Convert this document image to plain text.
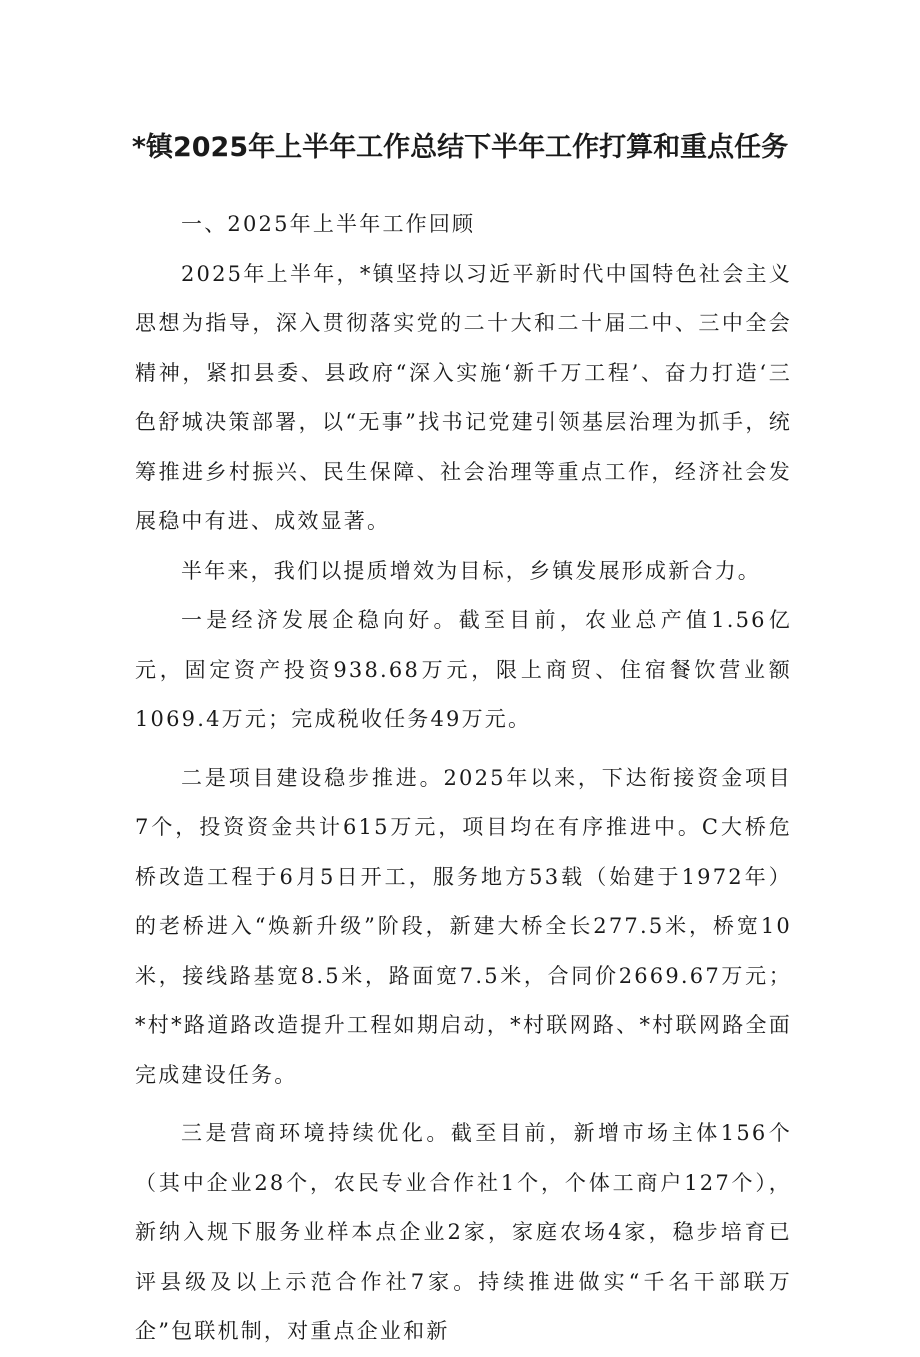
*镇2025年上半年工作总结下半年工作打算和重点任务

一、2025年上半年工作回顾

2025年上半年，*镇坚持以习近平新时代中国特色社会主义思想为指导，深入贯彻落实党的二十大和二十届二中、三中全会精神，紧扣县委、县政府“深入实施‘新千万工程’、奋力打造‘三色舒城决策部署，以“无事”找书记党建引领基层治理为抓手，统筹推进乡村振兴、民生保障、社会治理等重点工作，经济社会发展稳中有进、成效显著。

半年来，我们以提质增效为目标，乡镇发展形成新合力。

一是经济发展企稳向好。截至目前，农业总产值1.56亿元，固定资产投资938.68万元，限上商贸、住宿餐饮营业额1069.4万元；完成税收任务49万元。

二是项目建设稳步推进。2025年以来，下达衔接资金项目7个，投资资金共计615万元，项目均在有序推进中。C大桥危桥改造工程于6月5日开工，服务地方53载（始建于1972年）的老桥进入“焕新升级”阶段，新建大桥全长277.5米，桥宽10米，接线路基宽8.5米，路面宽7.5米，合同价2669.67万元；*村*路道路改造提升工程如期启动，*村联网路、*村联网路全面完成建设任务。

三是营商环境持续优化。截至目前，新增市场主体156个（其中企业28个，农民专业合作社1个，个体工商户127个），新纳入规下服务业样本点企业2家，家庭农场4家，稳步培育已评县级及以上示范合作社7家。持续推进做实“千名干部联万企”包联机制，对重点企业和新
